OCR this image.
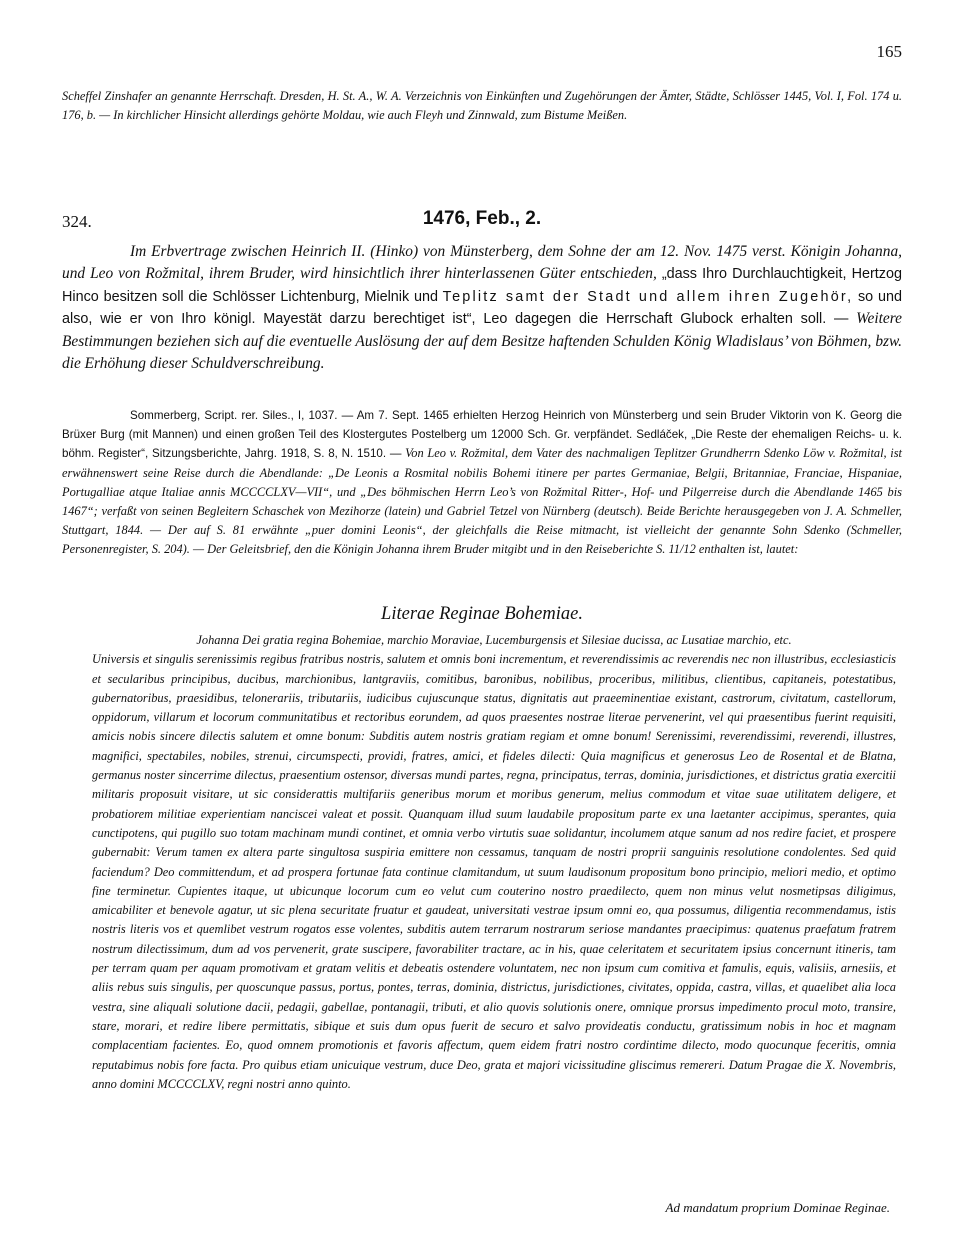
165

Scheffel Zinshafer an genannte Herrschaft. Dresden, H. St. A., W. A. Verzeichnis von Einkünften und Zugehörungen der Ämter, Städte, Schlösser 1445, Vol. I, Fol. 174 u. 176, b. — In kirchlicher Hinsicht allerdings gehörte Moldau, wie auch Fleyh und Zinnwald, zum Bistume Meißen.

324.	1476, Feb., 2.

Im Erbvertrage zwischen Heinrich II. (Hinko) von Münsterberg, dem Sohne der am 12. Nov. 1475 verst. Königin Johanna, und Leo von Rožmital, ihrem Bruder, wird hinsichtlich ihrer hinterlassenen Güter entschieden, „dass Ihro Durchlauchtigkeit, Hertzog Hinco besitzen soll die Schlösser Lichtenburg, Mielnik und Teplitz samt der Stadt und allem ihren Zugehör, so und also, wie er von Ihro königl. Mayestät darzu berechtiget ist“, Leo dagegen die Herrschaft Glubock erhalten soll. — Weitere Bestimmungen beziehen sich auf die eventuelle Auslösung der auf dem Besitze haftenden Schulden König Wladislaus’ von Böhmen, bzw. die Erhöhung dieser Schuldverschreibung.

Sommerberg, Script. rer. Siles., I, 1037. — Am 7. Sept. 1465 erhielten Herzog Heinrich von Münsterberg und sein Bruder Viktorin von K. Georg die Brüxer Burg (mit Mannen) und einen großen Teil des Klostergutes Postelberg um 12000 Sch. Gr. verpfändet. Sedláček, „Die Reste der ehemaligen Reichs- u. k. böhm. Register“, Sitzungsberichte, Jahrg. 1918, S. 8, N. 1510. — Von Leo v. Rožmital, dem Vater des nachmaligen Teplitzer Grundherrn Sdenko Löw v. Rožmital, ist erwähnenswert seine Reise durch die Abendlande: „De Leonis a Rosmital nobilis Bohemi itinere per partes Germaniae, Belgii, Britanniae, Franciae, Hispaniae, Portugalliae atque Italiae annis MCCCCLXV—VII“, und „Des böhmischen Herrn Leo’s von Rožmital Ritter-, Hof- und Pilgerreise durch die Abendlande 1465 bis 1467“; verfaßt von seinen Begleitern Schaschek von Mezihorze (latein) und Gabriel Tetzel von Nürnberg (deutsch). Beide Berichte herausgegeben von J. A. Schmeller, Stuttgart, 1844. — Der auf S. 81 erwähnte „puer domini Leonis“, der gleichfalls die Reise mitmacht, ist vielleicht der genannte Sohn Sdenko (Schmeller, Personenregister, S. 204). — Der Geleitsbrief, den die Königin Johanna ihrem Bruder mitgibt und in den Reiseberichte S. 11/12 enthalten ist, lautet:

Literae Reginae Bohemiae.

Johanna Dei gratia regina Bohemiae, marchio Moraviae, Lucemburgensis et Silesiae ducissa, ac Lusatiae marchio, etc.
Universis et singulis serenissimis regibus fratribus nostris, salutem et omnis boni incrementum, et reverendissimis ac reverendis nec non illustribus, ecclesiasticis et secularibus principibus, ducibus, marchionibus, lantgraviis, comitibus, baronibus, nobilibus, proceribus, militibus, clientibus, capitaneis, potestatibus, gubernatoribus, praesidibus, telonerariis, tributariis, iudicibus cujuscunque status, dignitatis aut praeeminentiae existant, castrorum, civitatum, castellorum, oppidorum, villarum et locorum communitatibus et rectoribus eorundem, ad quos praesentes nostrae literae pervenerint, vel qui praesentibus fuerint requisiti, amicis nobis sincere dilectis salutem et omne bonum: Subditis autem nostris gratiam regiam et omne bonum! Serenissimi, reverendissimi, reverendi, illustres, magnifici, spectabiles, nobiles, strenui, circumspecti, providi, fratres, amici, et fideles dilecti: Quia magnificus et generosus Leo de Rosental et de Blatna, germanus noster sincerrime dilectus, praesentium ostensor, diversas mundi partes, regna, principatus, terras, dominia, jurisdictiones, et districtus gratia exercitii militaris proposuit visitare, ut sic considerattis multifariis generibus morum et moribus generum, melius commodum et vitae suae utilitatem deligere, et probatiorem militiae experientiam nanciscei valeat et possit. Quanquam illud suum laudabile propositum parte ex una laetanter accipimus, sperantes, quia cunctipotens, qui pugillo suo totam machinam mundi continet, et omnia verbo virtutis suae solidantur, incolumem atque sanum ad nos redire faciet, et prospere gubernabit: Verum tamen ex altera parte singultosa suspiria emittere non cessamus, tanquam de nostri proprii sanguinis resolutione condolentes. Sed quid faciendum? Deo committendum, et ad prospera fortunae fata continue clamitandum, ut suum laudisonum propositum bono principio, meliori medio, et optimo fine terminetur. Cupientes itaque, ut ubicunque locorum cum eo velut cum couterino nostro praedilecto, quem non minus velut nosmetipsas diligimus, amicabiliter et benevole agatur, ut sic plena securitate fruatur et gaudeat, universitati vestrae ipsum omni eo, qua possumus, diligentia recommendamus, istis nostris literis vos et quemlibet vestrum rogatos esse volentes, subditis autem terrarum nostrarum seriose mandantes praecipimus: quatenus praefatum fratrem nostrum dilectissimum, dum ad vos pervenerit, grate suscipere, favorabiliter tractare, ac in his, quae celeritatem et securitatem ipsius concernunt itineris, tam per terram quam per aquam promotivam et gratam velitis et debeatis ostendere voluntatem, nec non ipsum cum comitiva et famulis, equis, valisiis, arnesiis, et aliis rebus suis singulis, per quoscunque passus, portus, pontes, terras, dominia, districtus, jurisdictiones, civitates, oppida, castra, villas, et quaelibet alia loca vestra, sine aliquali solutione dacii, pedagii, gabellae, pontanagii, tributi, et alio quovis solutionis onere, omnique prorsus impedimento procul moto, transire, stare, morari, et redire libere permittatis, sibique et suis dum opus fuerit de securo et salvo provideatis conductu, gratissimum nobis in hoc et magnam complacentiam facientes. Eo, quod omnem promotionis et favoris affectum, quem eidem fratri nostro cordintime dilecto, modo quocunque feceritis, omnia reputabimus nobis fore facta. Pro quibus etiam unicuique vestrum, duce Deo, grata et majori vicissitudine gliscimus remereri. Datum Pragae die X. Novembris, anno domini MCCCCLXV, regni nostri anno quinto.

Ad mandatum proprium Dominae Reginae.
